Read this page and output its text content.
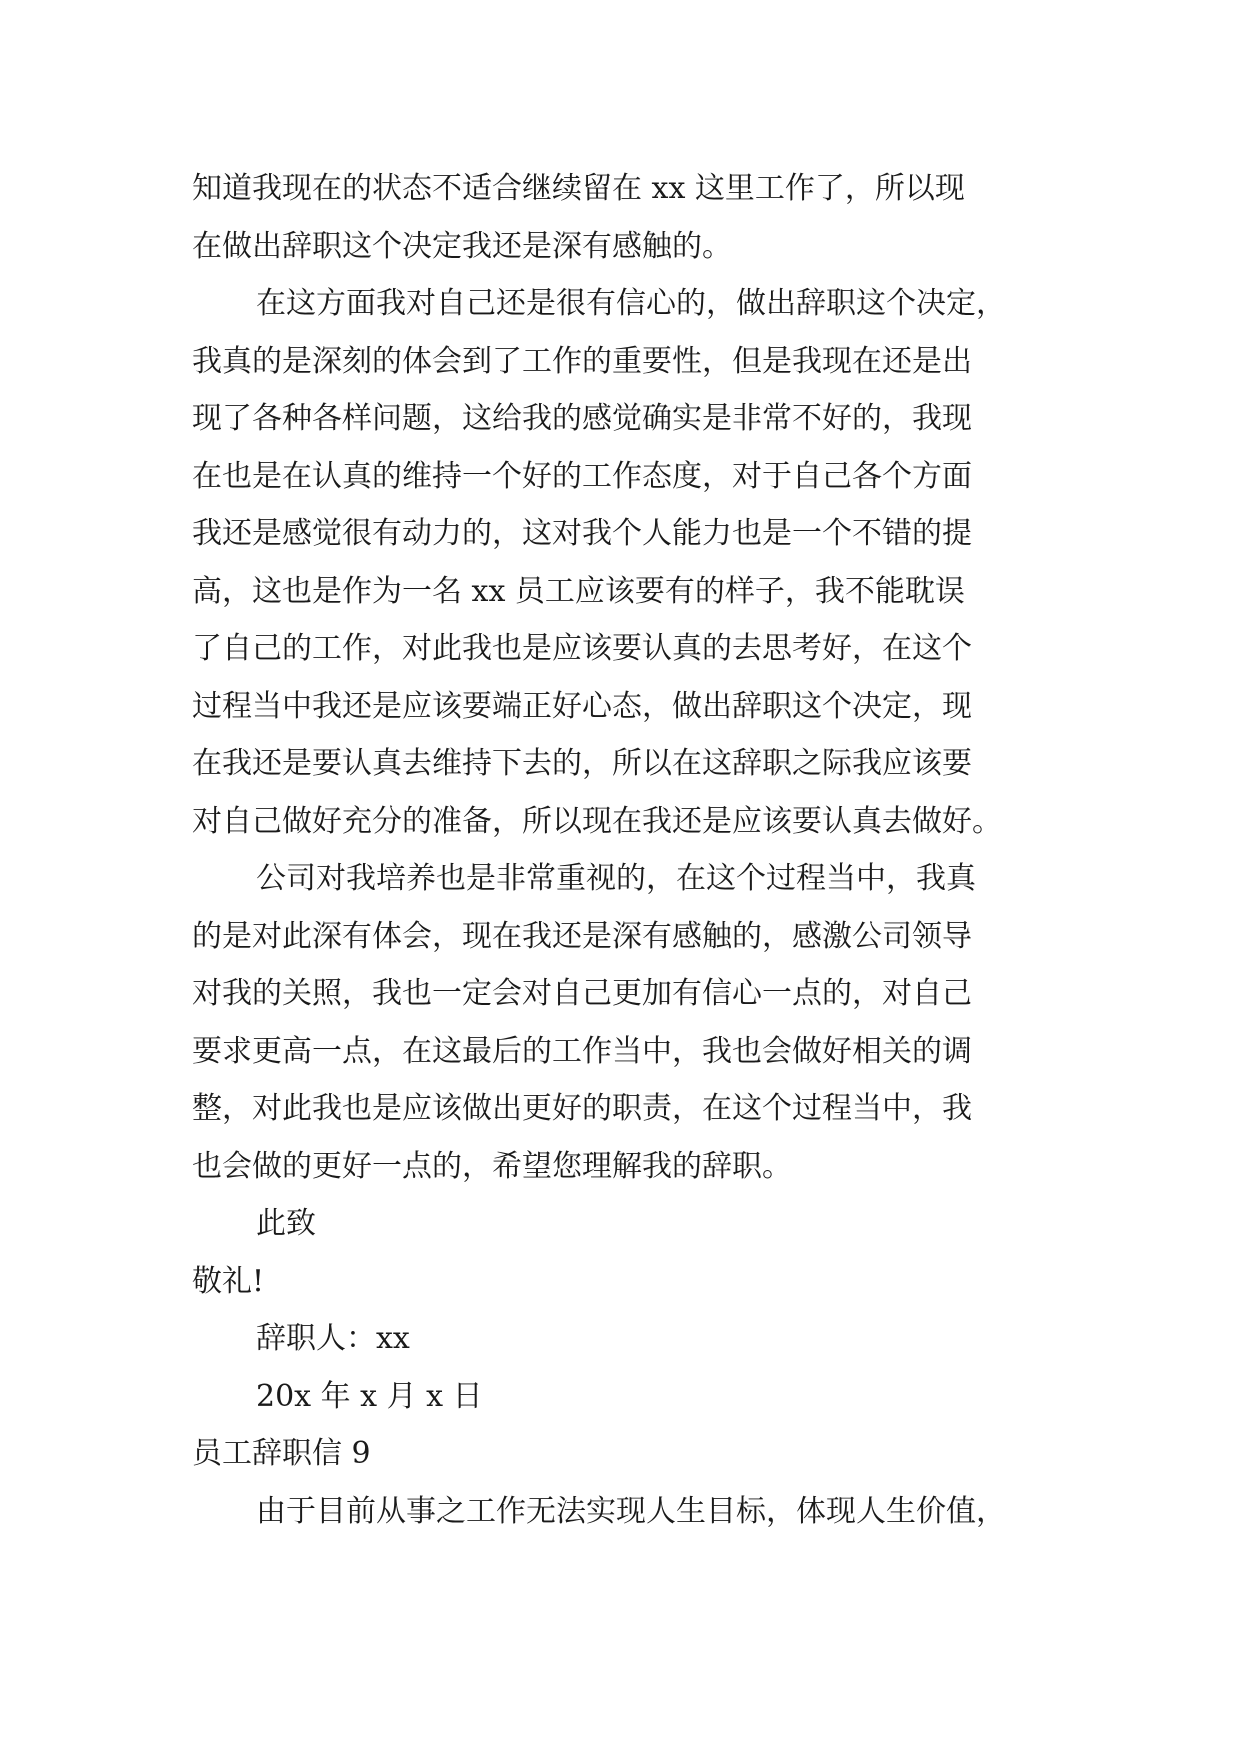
知道我现在的状态不适合继续留在 xx 这里工作了，所以现
在做出辞职这个决定我还是深有感触的。
在这方面我对自己还是很有信心的，做出辞职这个决定，
我真的是深刻的体会到了工作的重要性，但是我现在还是出
现了各种各样问题，这给我的感觉确实是非常不好的，我现
在也是在认真的维持一个好的工作态度，对于自己各个方面
我还是感觉很有动力的，这对我个人能力也是一个不错的提
高，这也是作为一名 xx 员工应该要有的样子，我不能耽误
了自己的工作，对此我也是应该要认真的去思考好，在这个
过程当中我还是应该要端正好心态，做出辞职这个决定，现
在我还是要认真去维持下去的，所以在这辞职之际我应该要
对自己做好充分的准备，所以现在我还是应该要认真去做好。
公司对我培养也是非常重视的，在这个过程当中，我真
的是对此深有体会，现在我还是深有感触的，感激公司领导
对我的关照，我也一定会对自己更加有信心一点的，对自己
要求更高一点，在这最后的工作当中，我也会做好相关的调
整，对此我也是应该做出更好的职责，在这个过程当中，我
也会做的更好一点的，希望您理解我的辞职。
此致
敬礼!
辞职人：xx
20x 年 x 月 x 日
员工辞职信 9
由于目前从事之工作无法实现人生目标，体现人生价值，
